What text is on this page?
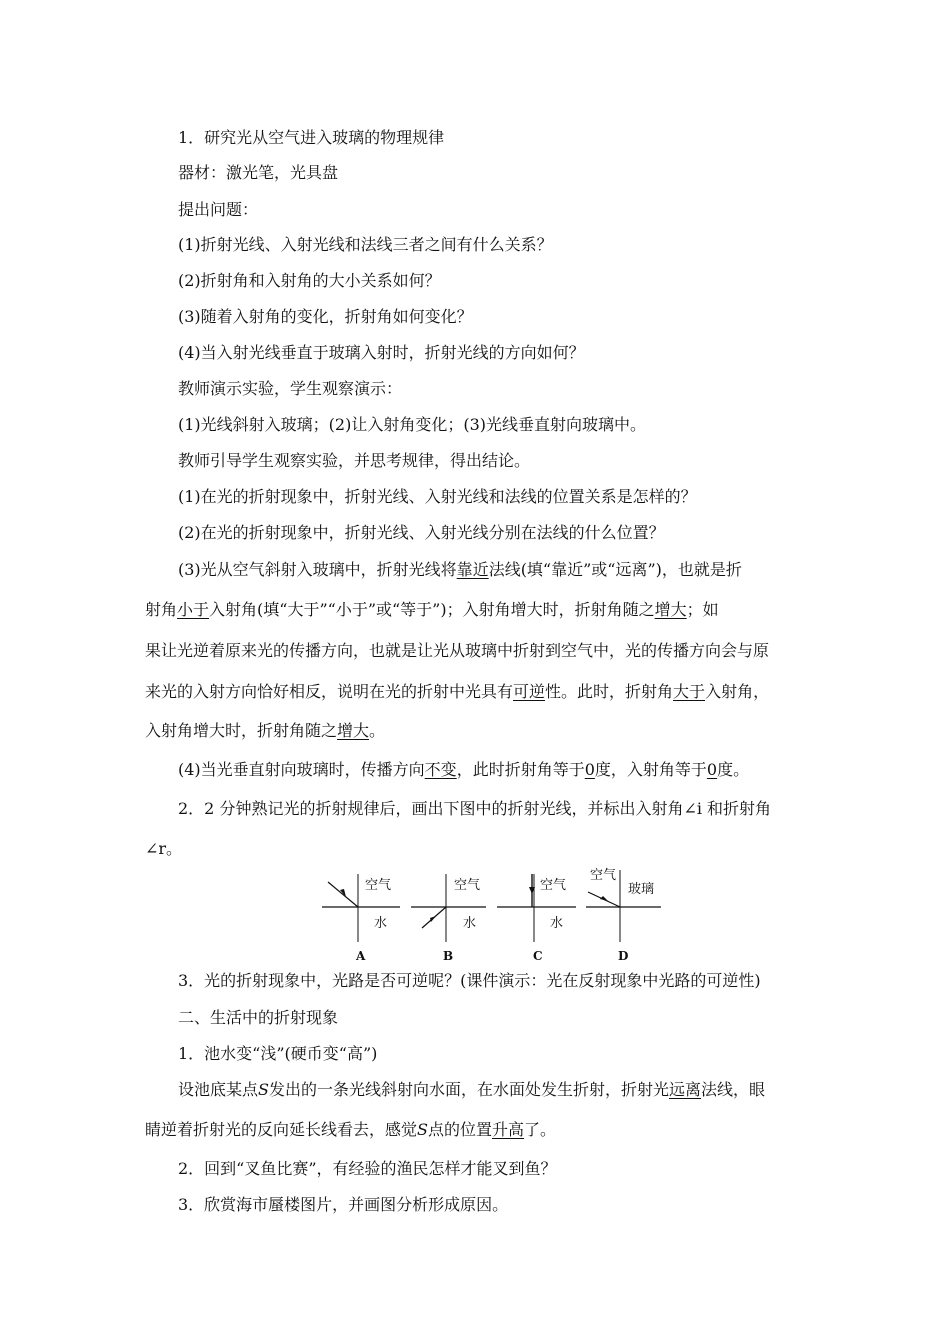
1．研究光从空气进入玻璃的物理规律
器材：激光笔，光具盘
提出问题：
(1)折射光线、入射光线和法线三者之间有什么关系？
(2)折射角和入射角的大小关系如何？
(3)随着入射角的变化，折射角如何变化？
(4)当入射光线垂直于玻璃入射时，折射光线的方向如何？
教师演示实验，学生观察演示：
(1)光线斜射入玻璃；(2)让入射角变化；(3)光线垂直射向玻璃中。
教师引导学生观察实验，并思考规律，得出结论。
(1)在光的折射现象中，折射光线、入射光线和法线的位置关系是怎样的？
(2)在光的折射现象中，折射光线、入射光线分别在法线的什么位置？
(3)光从空气斜射入玻璃中，折射光线将靠近法线(填“靠近”或“远离”)，也就是折
射角小于入射角(填“大于”“小于”或“等于”)；入射角增大时，折射角随之增大；如
果让光逆着原来光的传播方向，也就是让光从玻璃中折射到空气中，光的传播方向会与原
来光的入射方向恰好相反，说明在光的折射中光具有可逆性。此时，折射角大于入射角，
入射角增大时，折射角随之增大。
(4)当光垂直射向玻璃时，传播方向不变，此时折射角等于0度，入射角等于0度。
2．2 分钟熟记光的折射规律后，画出下图中的折射光线，并标出入射角∠i 和折射角
∠r。
空气
水
A
空气
水
B
空气
水
C
空气
玻璃
D
3．光的折射现象中，光路是否可逆呢？(课件演示：光在反射现象中光路的可逆性)
二、生活中的折射现象
1．池水变“浅”(硬币变“高”)
设池底某点S发出的一条光线斜射向水面，在水面处发生折射，折射光远离法线，眼
睛逆着折射光的反向延长线看去，感觉S点的位置升高了。
2．回到“叉鱼比赛”，有经验的渔民怎样才能叉到鱼？
3．欣赏海市蜃楼图片，并画图分析形成原因。
